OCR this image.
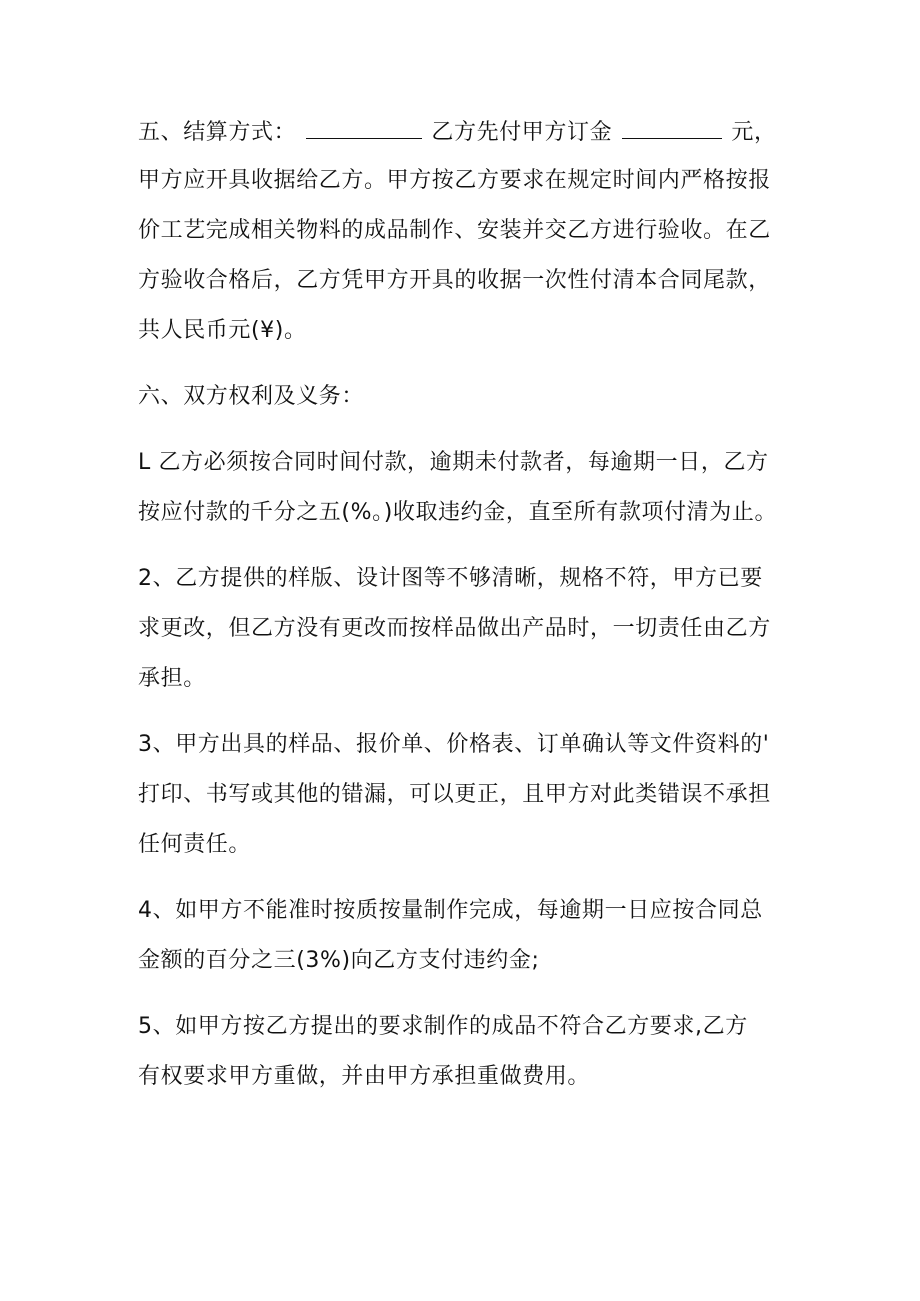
五、结算方式：	乙方先付甲方订金	元，
甲方应开具收据给乙方。甲方按乙方要求在规定时间内严格按报
价工艺完成相关物料的成品制作、安装并交乙方进行验收。在乙
方验收合格后，乙方凭甲方开具的收据一次性付清本合同尾款，
共人民币元(¥)。
六、双方权利及义务：
L 乙方必须按合同时间付款，逾期未付款者，每逾期一日，乙方
按应付款的千分之五(%。)收取违约金，直至所有款项付清为止。
2、乙方提供的样版、设计图等不够清晰，规格不符，甲方已要
求更改，但乙方没有更改而按样品做出产品时，一切责任由乙方
承担。
3、甲方出具的样品、报价单、价格表、订单确认等文件资料的'
打印、书写或其他的错漏，可以更正，且甲方对此类错误不承担
任何责任。
4、如甲方不能准时按质按量制作完成，每逾期一日应按合同总
金额的百分之三(3%)向乙方支付违约金;
5、如甲方按乙方提出的要求制作的成品不符合乙方要求,乙方
有权要求甲方重做，并由甲方承担重做费用。
